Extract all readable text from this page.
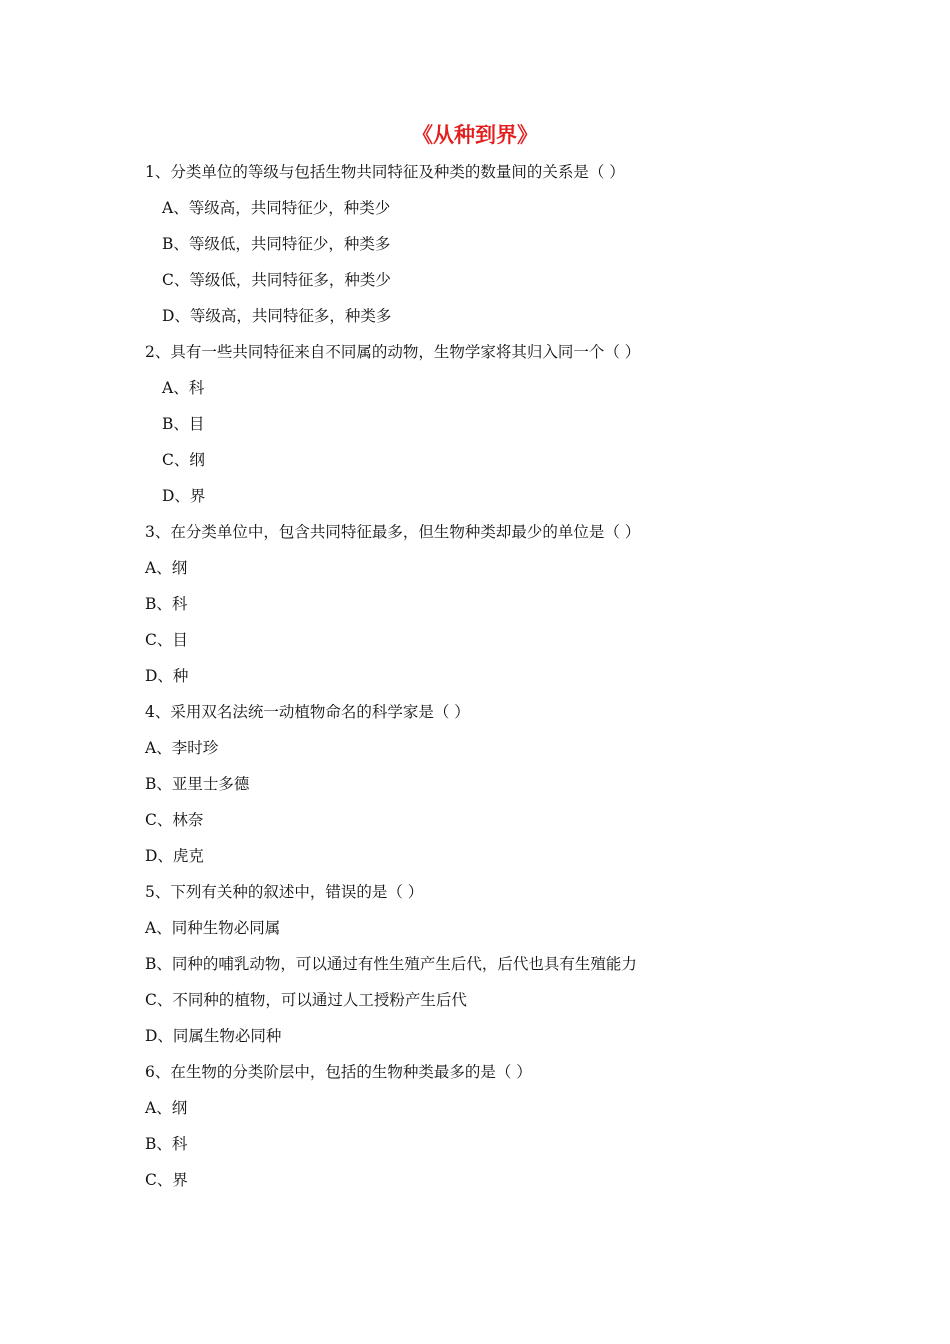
《从种到界》
1、分类单位的等级与包括生物共同特征及种类的数量间的关系是（ ）
A、等级高，共同特征少，种类少
B、等级低，共同特征少，种类多
C、等级低，共同特征多，种类少
D、等级高，共同特征多，种类多
2、具有一些共同特征来自不同属的动物，生物学家将其归入同一个（ ）
A、科
B、目
C、纲
D、界
3、在分类单位中，包含共同特征最多，但生物种类却最少的单位是（ ）
A、纲
B、科
C、目
D、种
4、采用双名法统一动植物命名的科学家是（ ）
A、李时珍
B、亚里士多德
C、林奈
D、虎克
5、下列有关种的叙述中，错误的是（ ）
A、同种生物必同属
B、同种的哺乳动物，可以通过有性生殖产生后代，后代也具有生殖能力
C、不同种的植物，可以通过人工授粉产生后代
D、同属生物必同种
6、在生物的分类阶层中，包括的生物种类最多的是（ ）
A、纲
B、科
C、界
